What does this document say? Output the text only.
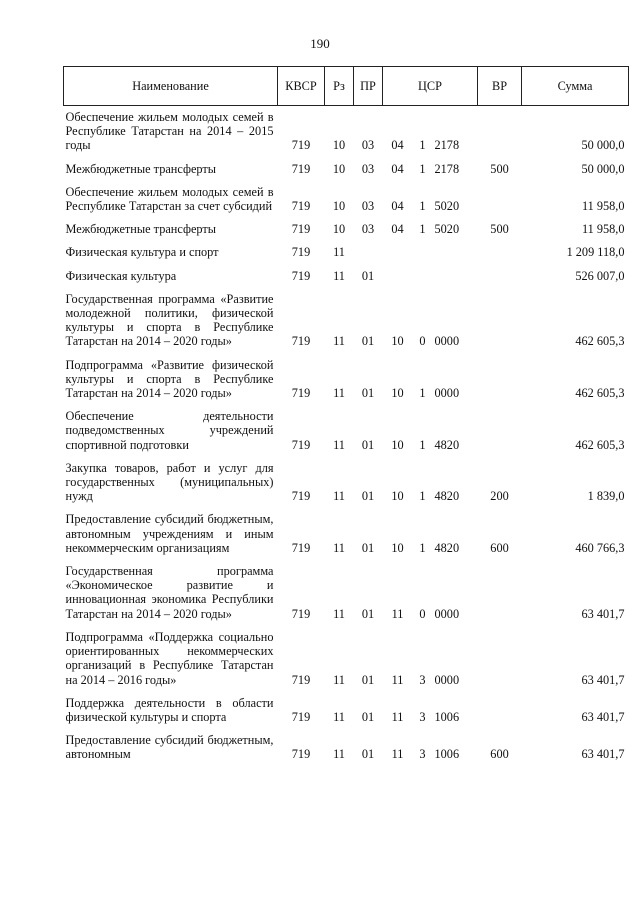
190
Наименование	КВСР	Рз	ПР	ЦСР			ВР	Сумма
Обеспечение жильем молодых семей в Республике Татарстан на 2014 – 2015 годы	719	10	03	04	1	2178		50 000,0
Межбюджетные трансферты	719	10	03	04	1	2178	500	50 000,0
Обеспечение жильем молодых семей в Республике Татарстан за счет субсидий	719	10	03	04	1	5020		11 958,0
Межбюджетные трансферты	719	10	03	04	1	5020	500	11 958,0
Физическая культура и спорт	719	11						1 209 118,0
Физическая культура	719	11	01					526 007,0
Государственная программа «Развитие молодежной политики, физической культуры и спорта в Республике Татарстан на 2014 – 2020 годы»	719	11	01	10	0	0000		462 605,3
Подпрограмма «Развитие физической культуры и спорта в Республике Татарстан на 2014 – 2020 годы»	719	11	01	10	1	0000		462 605,3
Обеспечение деятельности подведомственных учреждений спортивной подготовки	719	11	01	10	1	4820		462 605,3
Закупка товаров, работ и услуг для государственных (муниципальных) нужд	719	11	01	10	1	4820	200	1 839,0
Предоставление субсидий бюджетным, автономным учреждениям и иным некоммерческим организациям	719	11	01	10	1	4820	600	460 766,3
Государственная программа «Экономическое развитие и инновационная экономика Республики Татарстан на 2014 – 2020 годы»	719	11	01	11	0	0000		63 401,7
Подпрограмма «Поддержка социально ориентированных некоммерческих организаций в Республике Татарстан на 2014 – 2016 годы»	719	11	01	11	3	0000		63 401,7
Поддержка деятельности в области физической культуры и спорта	719	11	01	11	3	1006		63 401,7
Предоставление субсидий бюджетным, автономным	719	11	01	11	3	1006	600	63 401,7
